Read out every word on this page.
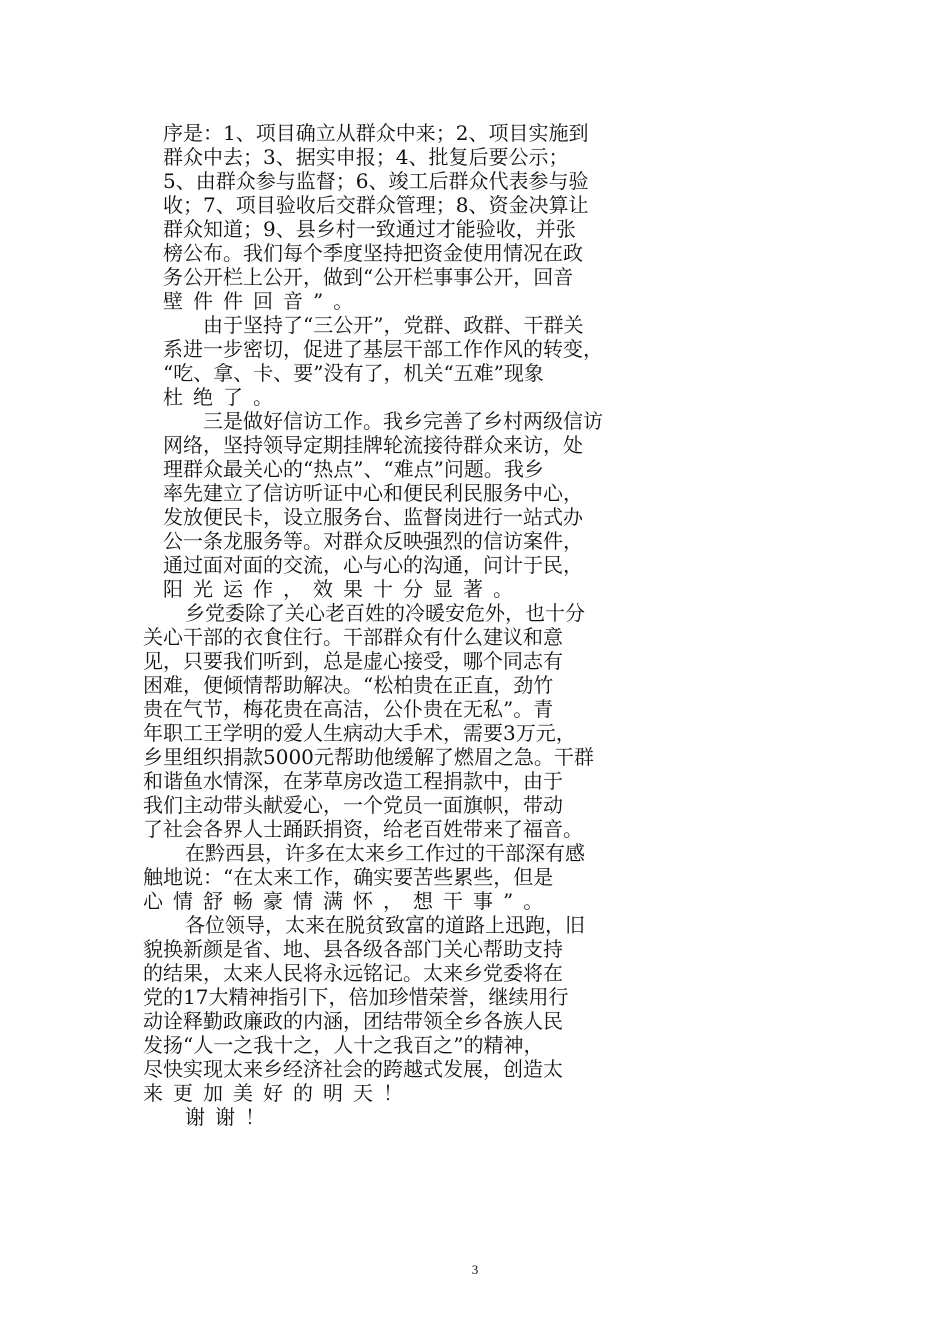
序是：1、项目确立从群众中来；2、项目实施到
群众中去；3、据实申报；4、批复后要公示；
5、由群众参与监督；6、竣工后群众代表参与验
收；7、项目验收后交群众管理；8、资金决算让
群众知道；9、县乡村一致通过才能验收，并张
榜公布。我们每个季度坚持把资金使用情况在政
务公开栏上公开，做到“公开栏事事公开，回音
壁件件回音”。
由于坚持了“三公开”，党群、政群、干群关
系进一步密切，促进了基层干部工作作风的转变，
“吃、拿、卡、要”没有了，机关“五难”现象
杜绝了。
三是做好信访工作。我乡完善了乡村两级信访
网络，坚持领导定期挂牌轮流接待群众来访，处
理群众最关心的“热点”、“难点”问题。我乡
率先建立了信访听证中心和便民利民服务中心，
发放便民卡，设立服务台、监督岗进行一站式办
公一条龙服务等。对群众反映强烈的信访案件，
通过面对面的交流，心与心的沟通，问计于民，
阳光运作，效果十分显著。
乡党委除了关心老百姓的冷暖安危外，也十分
关心干部的衣食住行。干部群众有什么建议和意
见，只要我们听到，总是虚心接受，哪个同志有
困难，便倾情帮助解决。“松柏贵在正直，劲竹
贵在气节，梅花贵在高洁，公仆贵在无私”。青
年职工王学明的爱人生病动大手术，需要3万元，
乡里组织捐款5000元帮助他缓解了燃眉之急。干群
和谐鱼水情深，在茅草房改造工程捐款中，由于
我们主动带头献爱心，一个党员一面旗帜，带动
了社会各界人士踊跃捐资，给老百姓带来了福音。
在黔西县，许多在太来乡工作过的干部深有感
触地说：“在太来工作，确实要苦些累些，但是
心情舒畅豪情满怀，想干事”。
各位领导，太来在脱贫致富的道路上迅跑，旧
貌换新颜是省、地、县各级各部门关心帮助支持
的结果，太来人民将永远铭记。太来乡党委将在
党的17大精神指引下，倍加珍惜荣誉，继续用行
动诠释勤政廉政的内涵，团结带领全乡各族人民
发扬“人一之我十之，人十之我百之”的精神，
尽快实现太来乡经济社会的跨越式发展，创造太
来更加美好的明天！
谢谢！
3
